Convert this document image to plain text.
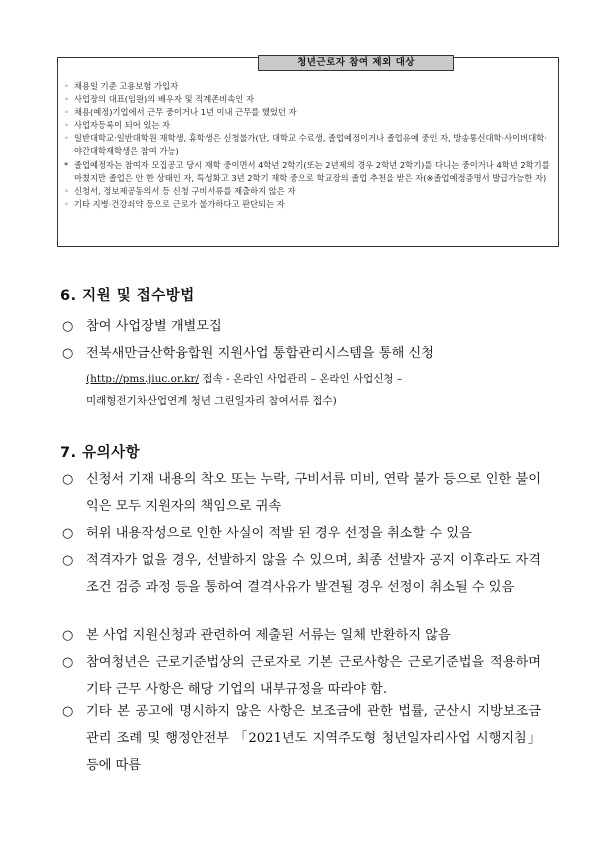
청년근로자 참여 제외 대상
◦ 채용일 기준 고용보험 가입자
◦ 사업장의 대표(임원)의 배우자 및 직계존비속인 자
◦ 채용(예정)기업에서 근무 중이거나 1년 이내 근무를 했었던 자
◦ 사업자등록이 되어 있는 자
◦ 일반대학교·일반대학원 재학생, 휴학생은 신청불가(단, 대학교 수료생, 졸업예정이거나 졸업유예 중인 자, 방송통신대학·사이버대학·야간대학재학생은 참여 가능)
* 졸업예정자는 참여자 모집공고 당시 재학 중이면서 4학년 2학기(또는 2년제의 경우 2학년 2학기)를 다니는 중이거나 4학년 2학기를 마쳤지만 졸업은 안 한 상태인 자, 특성화고 3년 2학기 재학 중으로 학교장의 졸업 추천을 받은 자(※졸업예정증명서 발급가능한 자)
◦ 신청서, 정보제공동의서 등 신청 구비서류를 제출하지 않은 자
◦ 기타 지병·건강쇠약 등으로 근로가 불가하다고 판단되는 자
6. 지원 및 접수방법
○ 참여 사업장별 개별모집
○ 전북새만금산학융합원 지원사업 통합관리시스템을 통해 신청
(http://pms.jiuc.or.kr/ 접속 - 온라인 사업관리 – 온라인 사업신청 –
미래형전기차산업연계 청년 그린일자리 참여서류 접수)
7. 유의사항
○ 신청서 기재 내용의 착오 또는 누락, 구비서류 미비, 연락 불가 등으로 인한 불이익은 모두 지원자의 책임으로 귀속
○ 허위 내용작성으로 인한 사실이 적발 된 경우 선정을 취소할 수 있음
○ 적격자가 없을 경우, 선발하지 않을 수 있으며, 최종 선발자 공지 이후라도 자격조건 검증 과정 등을 통하여 결격사유가 발견될 경우 선정이 취소될 수 있음
○ 본 사업 지원신청과 관련하여 제출된 서류는 일체 반환하지 않음
○ 참여청년은 근로기준법상의 근로자로 기본 근로사항은 근로기준법을 적용하며 기타 근무 사항은 해당 기업의 내부규정을 따라야 함.
○ 기타 본 공고에 명시하지 않은 사항은 보조금에 관한 법률, 군산시 지방보조금 관리 조례 및 행정안전부 「2021년도 지역주도형 청년일자리사업 시행지침」 등에 따름
